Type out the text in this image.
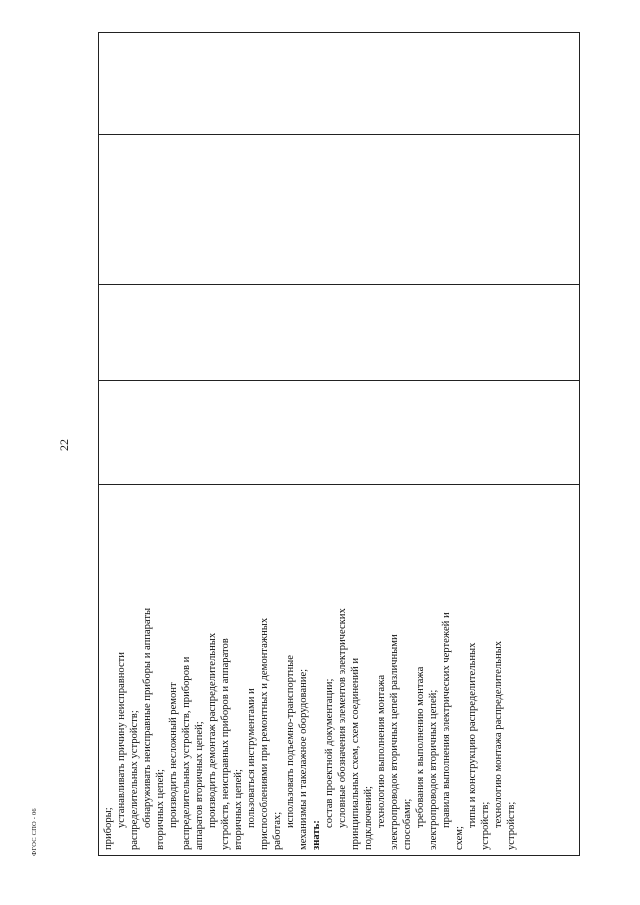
22

приборы;

устанавливать причину неисправности распределительных устройств; обнаруживать неисправные приборы и аппараты вторичных цепей; производить несложный ремонт распределительных устройств, приборов и аппаратов вторичных цепей; производить демонтаж распределительных устройств, неисправных приборов и аппаратов вторичных цепей; пользоваться инструментами и приспособлениями при ремонтных и демонтажных работах;

использовать подъемно-транспортные механизмы и такелажное оборудование; знать:

состав проектной документации; условные обозначения элементов электрических принципиальных схем, схем соединений и подключений; технологию выполнения монтажа электропроводок вторичных цепей различными способами; требования к выполнению монтажа электропроводок вторичных цепей; правила выполнения электрических чертежей и

схем;

типы и конструкцию распределительных устройств; технологию монтажа распределительных устройств;

ФГОС СПО - 06
